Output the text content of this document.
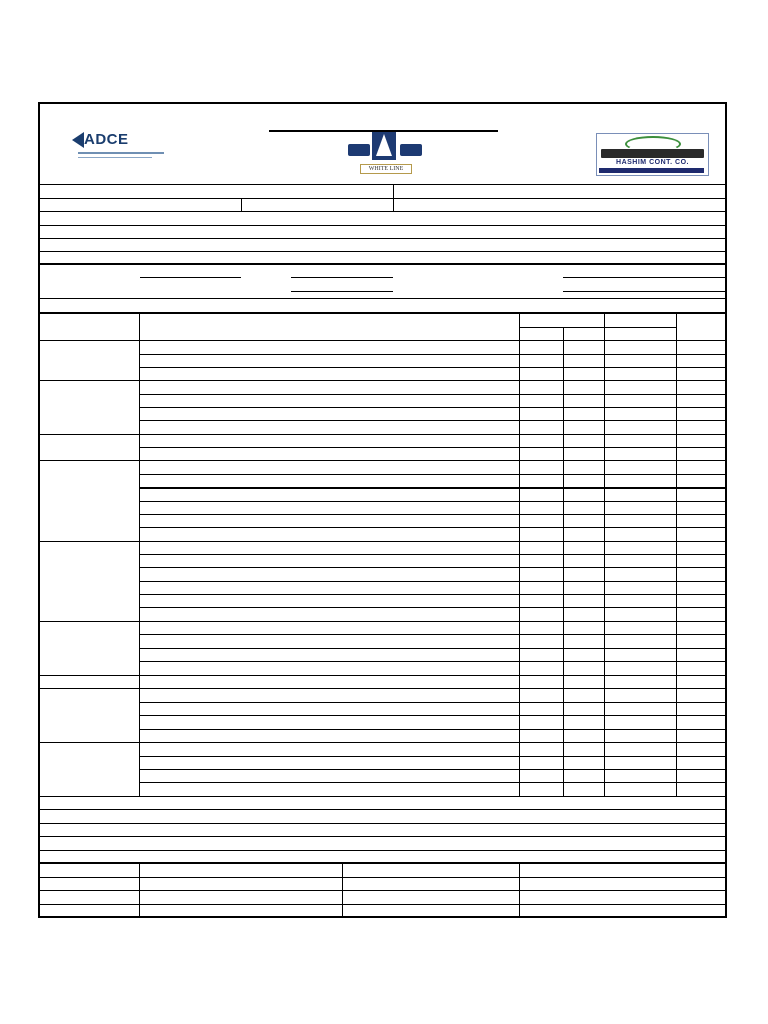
ADCE
WHITE LINE
HASHIM CONT. CO.
